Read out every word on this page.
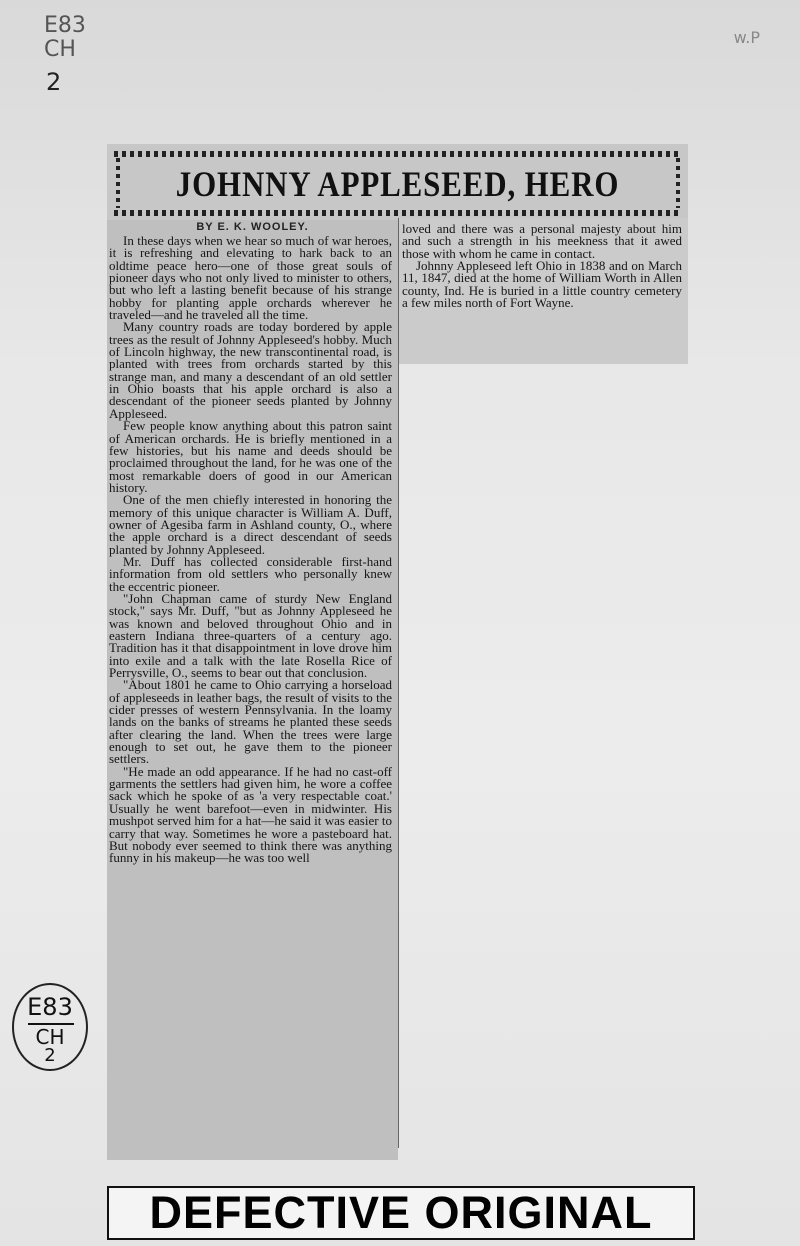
E83 CH
2
w.P
JOHNNY APPLESEED, HERO
BY E. K. WOOLEY.

In these days when we hear so much of war heroes, it is refreshing and elevating to hark back to an oldtime peace hero—one of those great souls of pioneer days who not only lived to minister to others, but who left a lasting benefit because of his strange hobby for planting apple orchards wherever he traveled—and he traveled all the time.

Many country roads are today bordered by apple trees as the result of Johnny Appleseed's hobby. Much of Lincoln highway, the new transcontinental road, is planted with trees from orchards started by this strange man, and many a descendant of an old settler in Ohio boasts that his apple orchard is also a descendant of the pioneer seeds planted by Johnny Appleseed.

Few people know anything about this patron saint of American orchards. He is briefly mentioned in a few histories, but his name and deeds should be proclaimed throughout the land, for he was one of the most remarkable doers of good in our American history.

One of the men chiefly interested in honoring the memory of this unique character is William A. Duff, owner of Agesiba farm in Ashland county, O., where the apple orchard is a direct descendant of seeds planted by Johnny Appleseed.

Mr. Duff has collected considerable first-hand information from old settlers who personally knew the eccentric pioneer.

"John Chapman came of sturdy New England stock," says Mr. Duff, "but as Johnny Appleseed he was known and beloved throughout Ohio and in eastern Indiana three-quarters of a century ago. Tradition has it that disappointment in love drove him into exile and a talk with the late Rosella Rice of Perrysville, O., seems to bear out that conclusion.

"About 1801 he came to Ohio carrying a horseload of appleseeds in leather bags, the result of visits to the cider presses of western Pennsylvania. In the loamy lands on the banks of streams he planted these seeds after clearing the land. When the trees were large enough to set out, he gave them to the pioneer settlers.

"He made an odd appearance. If he had no cast-off garments the settlers had given him, he wore a coffee sack which he spoke of as 'a very respectable coat.' Usually he went barefoot—even in midwinter. His mushpot served him for a hat—he said it was easier to carry that way. Sometimes he wore a pasteboard hat. But nobody ever seemed to think there was anything funny in his makeup—he was too well

loved and there was a personal majesty about him and such a strength in his meekness that it awed those with whom he came in contact.

Johnny Appleseed left Ohio in 1838 and on March 11, 1847, died at the home of William Worth in Allen county, Ind. He is buried in a little country cemetery a few miles north of Fort Wayne.

E83
CH
2
DEFECTIVE ORIGINAL
